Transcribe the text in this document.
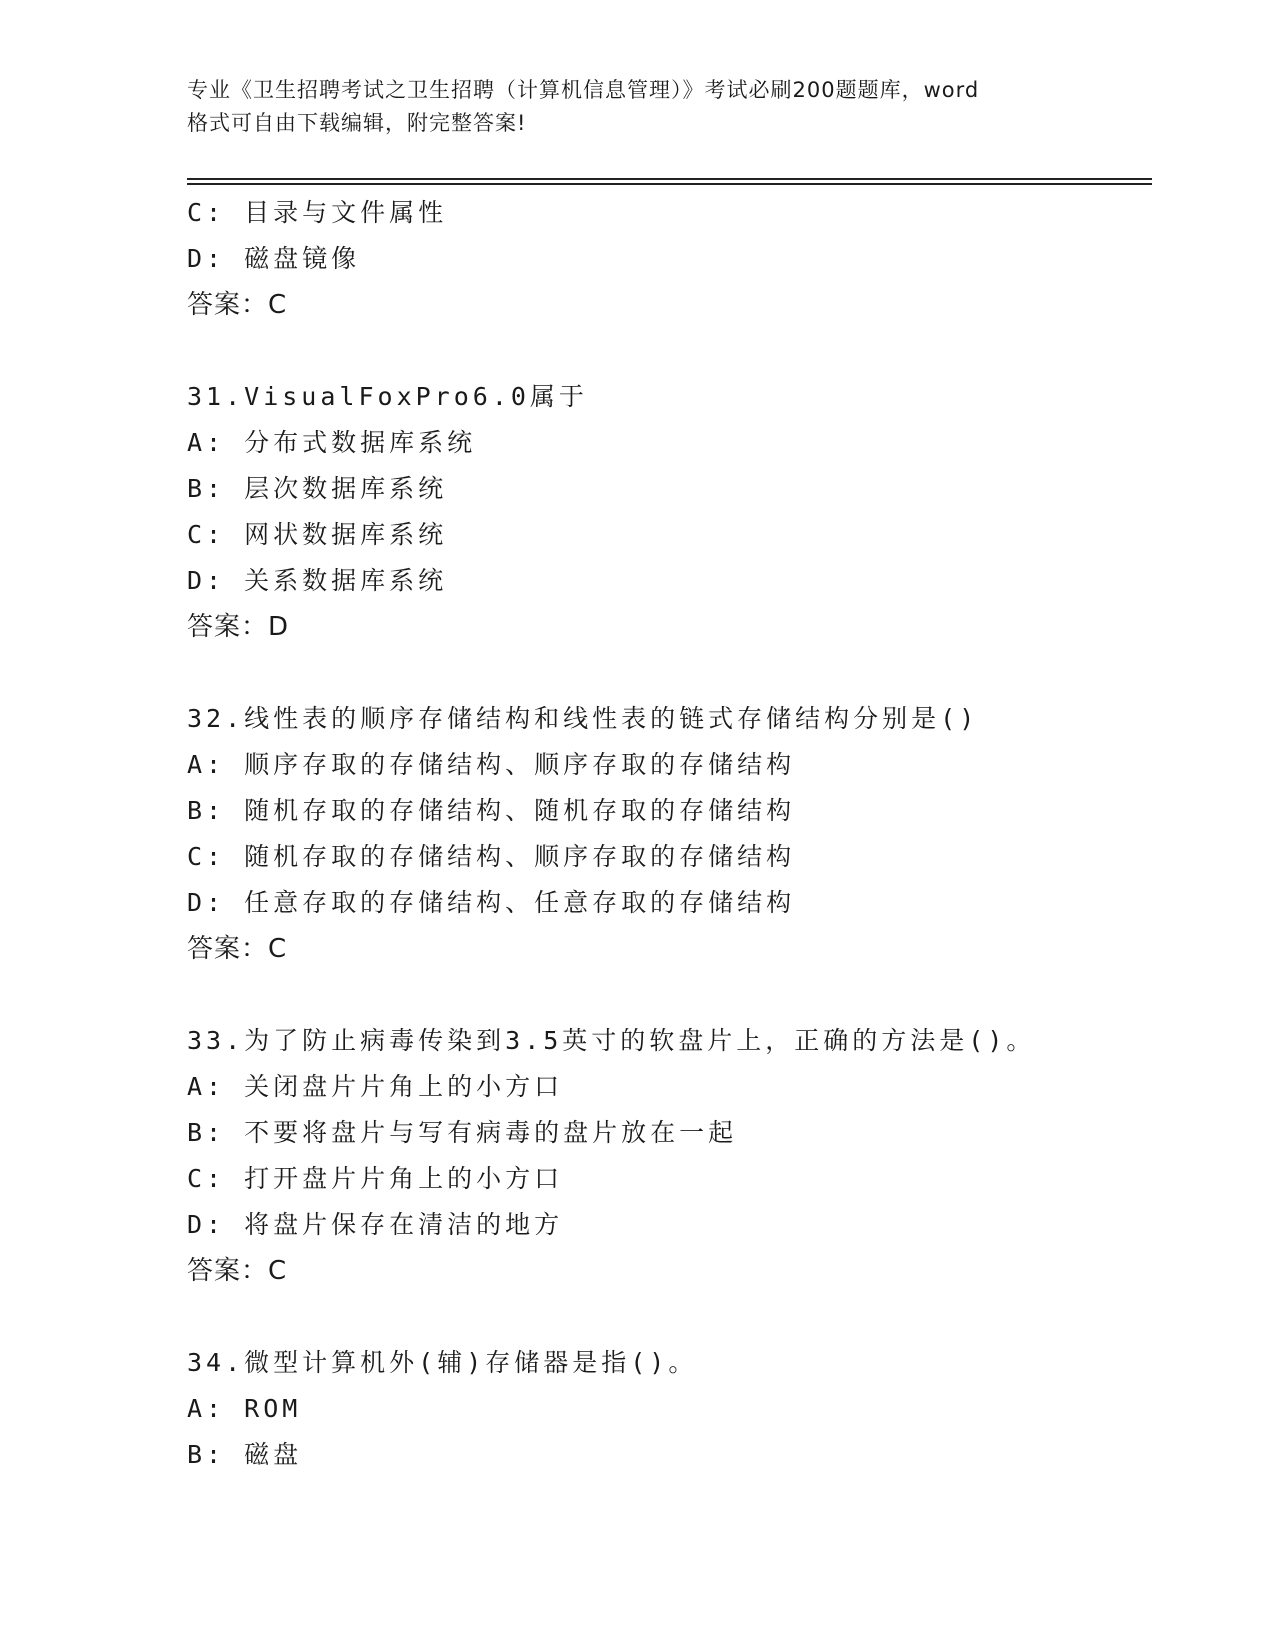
专业《卫生招聘考试之卫生招聘（计算机信息管理）》考试必刷200题题库，word
格式可自由下载编辑，附完整答案!
C: 目录与文件属性
D: 磁盘镜像
答案：C
31.VisualFoxPro6.0属于
A: 分布式数据库系统
B: 层次数据库系统
C: 网状数据库系统
D: 关系数据库系统
答案：D
32.线性表的顺序存储结构和线性表的链式存储结构分别是()
A: 顺序存取的存储结构、顺序存取的存储结构
B: 随机存取的存储结构、随机存取的存储结构
C: 随机存取的存储结构、顺序存取的存储结构
D: 任意存取的存储结构、任意存取的存储结构
答案：C
33.为了防止病毒传染到3.5英寸的软盘片上，正确的方法是()。
A: 关闭盘片片角上的小方口
B: 不要将盘片与写有病毒的盘片放在一起
C: 打开盘片片角上的小方口
D: 将盘片保存在清洁的地方
答案：C
34.微型计算机外(辅)存储器是指()。
A: ROM
B: 磁盘
